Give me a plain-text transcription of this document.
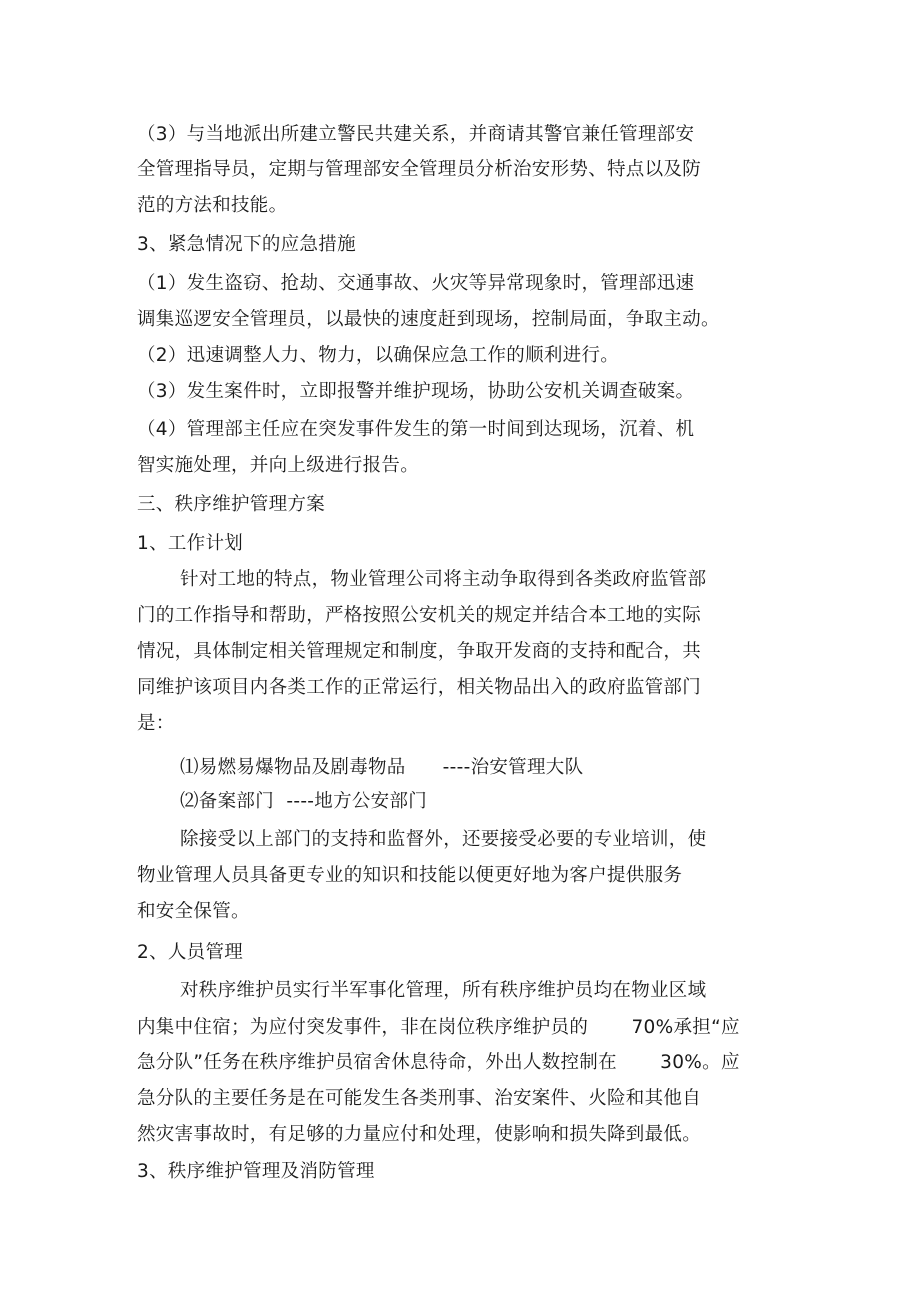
（3）与当地派出所建立警民共建关系，并商请其警官兼任管理部安
全管理指导员，定期与管理部安全管理员分析治安形势、特点以及防
范的方法和技能。
3、紧急情况下的应急措施
（1）发生盗窃、抢劫、交通事故、火灾等异常现象时，管理部迅速
调集巡逻安全管理员，以最快的速度赶到现场，控制局面，争取主动。
（2）迅速调整人力、物力，以确保应急工作的顺利进行。
（3）发生案件时，立即报警并维护现场，协助公安机关调查破案。
（4）管理部主任应在突发事件发生的第一时间到达现场，沉着、机
智实施处理，并向上级进行报告。
三、秩序维护管理方案
1、工作计划
针对工地的特点，物业管理公司将主动争取得到各类政府监管部
门的工作指导和帮助，严格按照公安机关的规定并结合本工地的实际
情况，具体制定相关管理规定和制度，争取开发商的支持和配合，共
同维护该项目内各类工作的正常运行，相关物品出入的政府监管部门
是：
⑴易燃易爆物品及剧毒物品      ----治安管理大队
⑵备案部门  ----地方公安部门
除接受以上部门的支持和监督外，还要接受必要的专业培训，使
物业管理人员具备更专业的知识和技能以便更好地为客户提供服务
和安全保管。
2、人员管理
对秩序维护员实行半军事化管理，所有秩序维护员均在物业区域
内集中住宿；为应付突发事件，非在岗位秩序维护员的       70%承担“应
急分队”任务在秩序维护员宿舍休息待命，外出人数控制在       30%。应
急分队的主要任务是在可能发生各类刑事、治安案件、火险和其他自
然灾害事故时，有足够的力量应付和处理，使影响和损失降到最低。
3、秩序维护管理及消防管理
